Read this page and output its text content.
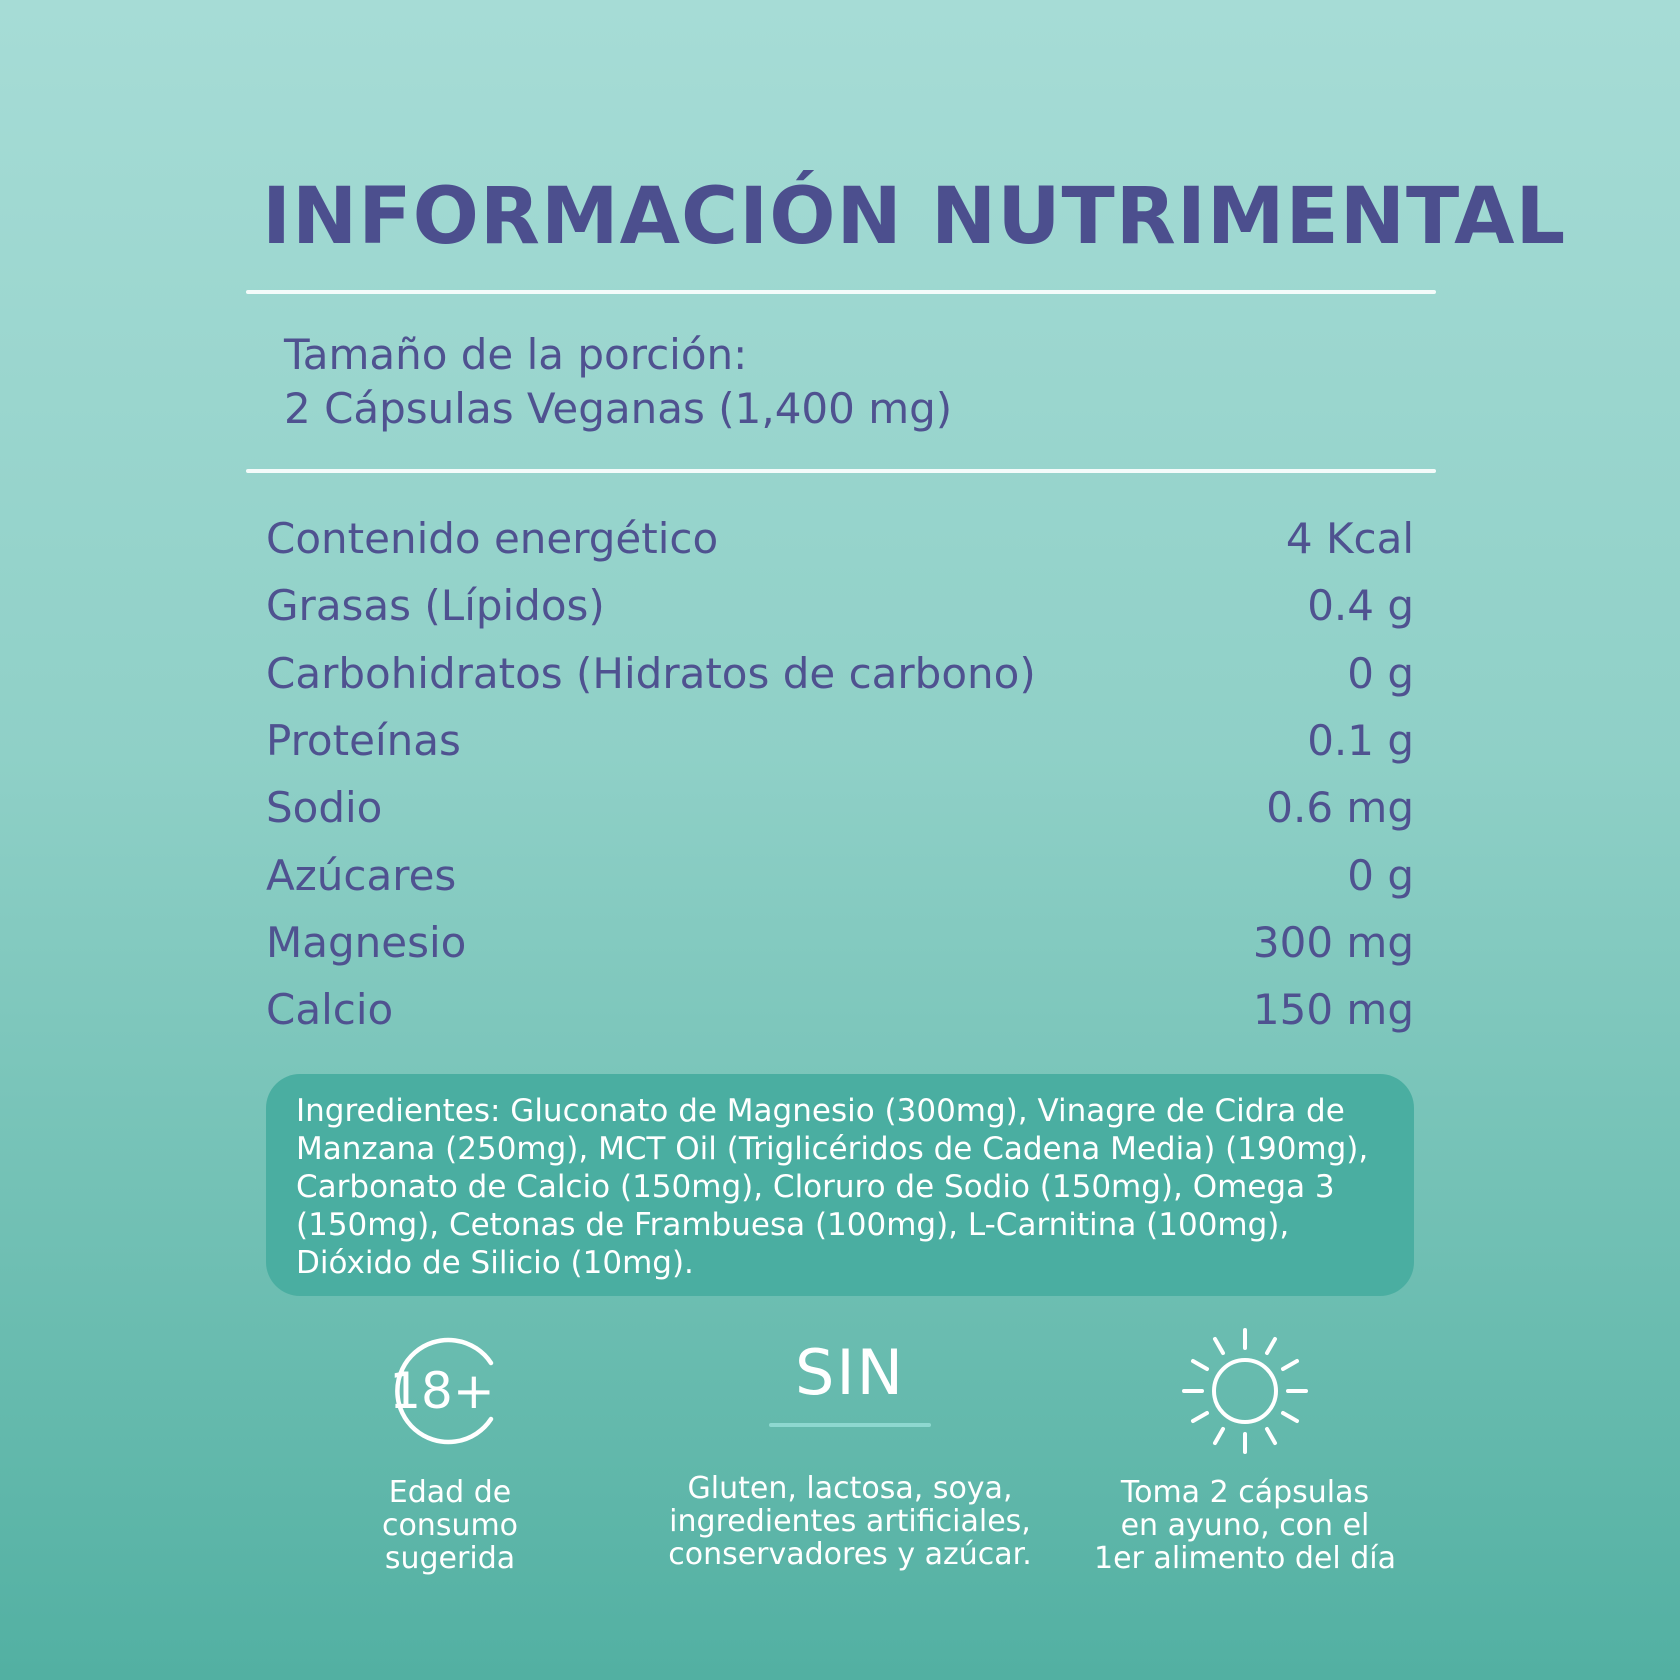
INFORMACIÓN NUTRIMENTAL
Tamaño de la porción:
2 Cápsulas Veganas (1,400 mg)
Contenido energético	4 Kcal
Grasas (Lípidos)	0.4 g
Carbohidratos (Hidratos de carbono)	0 g
Proteínas	0.1 g
Sodio	0.6 mg
Azúcares	0 g
Magnesio	300 mg
Calcio	150 mg
Ingredientes: Gluconato de Magnesio (300mg), Vinagre de Cidra de Manzana (250mg), MCT Oil (Triglicéridos de Cadena Media) (190mg), Carbonato de Calcio (150mg), Cloruro de Sodio (150mg), Omega 3 (150mg), Cetonas de Frambuesa (100mg), L-Carnitina (100mg), Dióxido de Silicio (10mg).
18+
Edad de
consumo
sugerida
SIN
Gluten, lactosa, soya,
ingredientes artificiales,
conservadores y azúcar.
Toma 2 cápsulas
en ayuno, con el
1er alimento del día
